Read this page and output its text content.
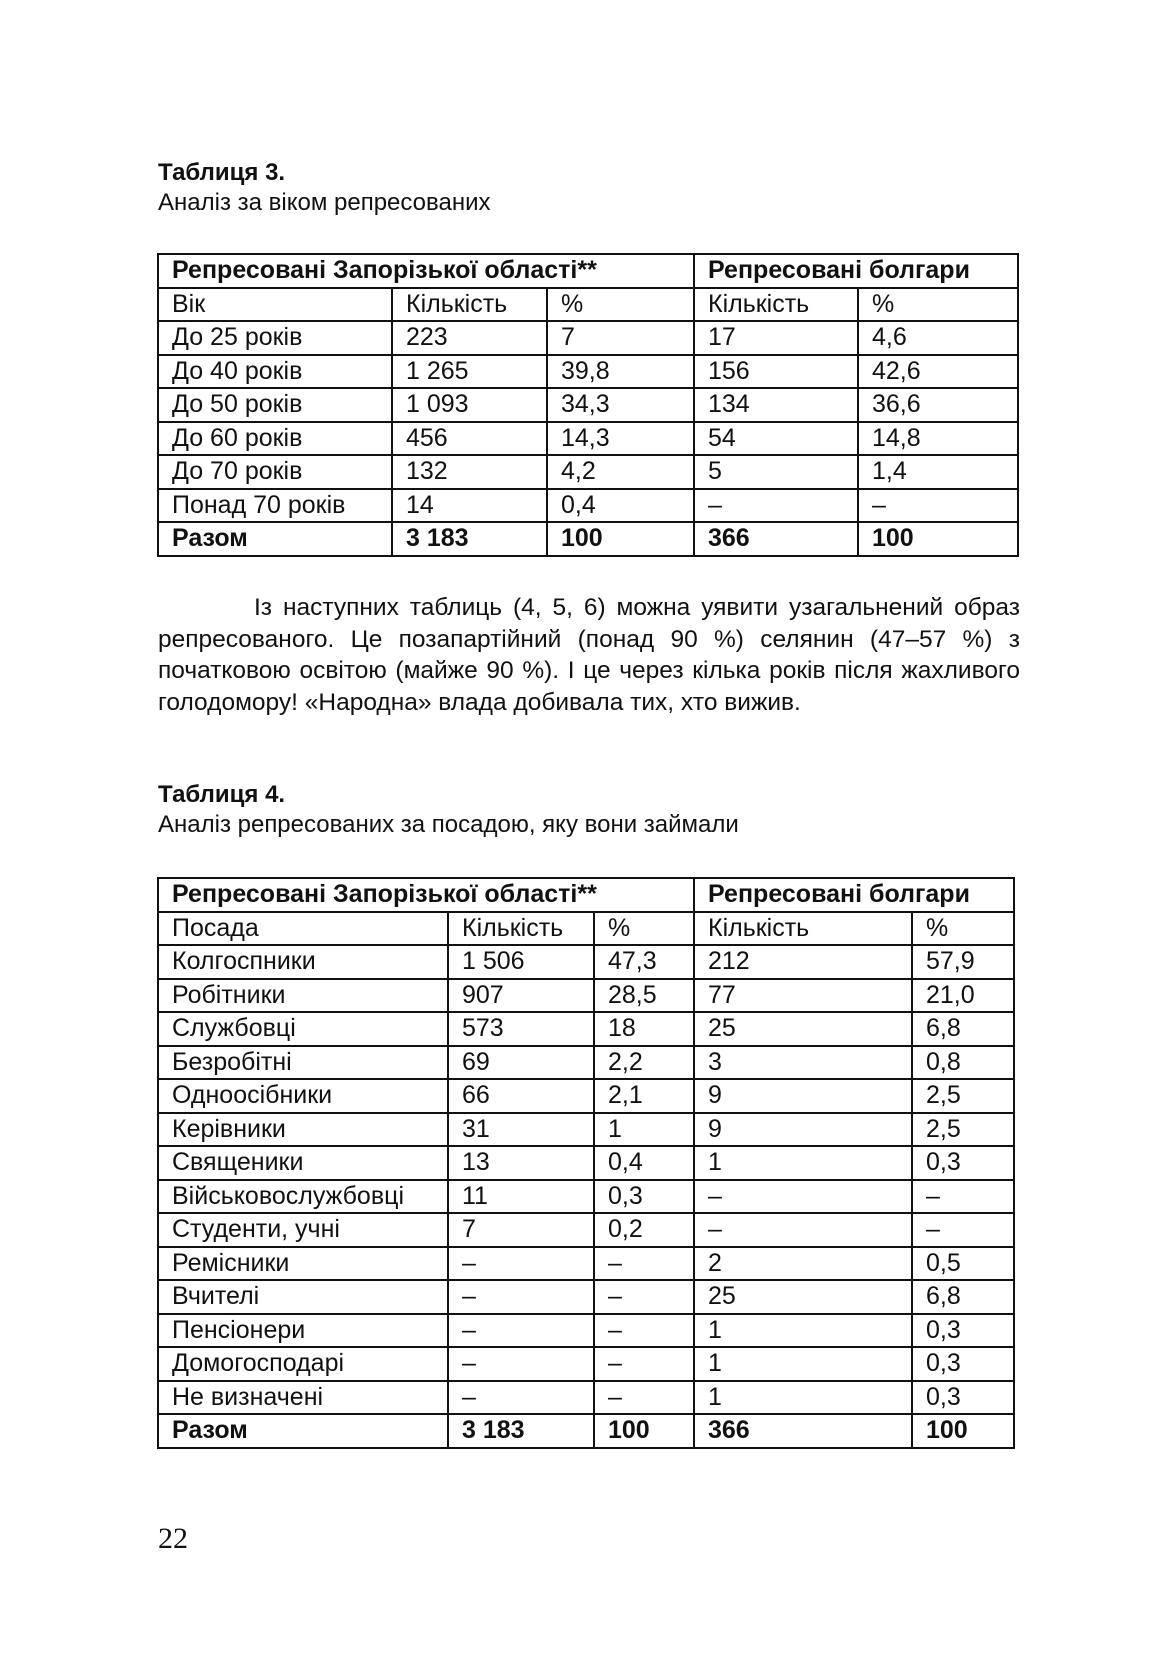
Таблиця 3.
Аналіз за віком репресованих
Репресовані Запорізької області**			Репресовані болгари	
Вік	Кількість	%	Кількість	%
До 25 років	223	7	17	4,6
До 40 років	1 265	39,8	156	42,6
До 50 років	1 093	34,3	134	36,6
До 60 років	456	14,3	54	14,8
До 70 років	132	4,2	5	1,4
Понад 70 років	14	0,4	–	–
Разом	3 183	100	366	100
Із наступних таблиць (4, 5, 6) можна уявити узагальнений образ репресованого. Це позапартійний (понад 90 %) селянин (47–57 %) з початковою освітою (майже 90 %). І це через кілька років після жахливого голодомору! «Народна» влада добивала тих, хто вижив.
Таблиця 4.
Аналіз репресованих за посадою, яку вони займали
Репресовані Запорізької області**			Репресовані болгари	
Посада	Кількість	%	Кількість	%
Колгоспники	1 506	47,3	212	57,9
Робітники	907	28,5	77	21,0
Службовці	573	18	25	6,8
Безробітні	69	2,2	3	0,8
Одноосібники	66	2,1	9	2,5
Керівники	31	1	9	2,5
Священики	13	0,4	1	0,3
Військовослужбовці	11	0,3	–	–
Студенти, учні	7	0,2	–	–
Ремісники	–	–	2	0,5
Вчителі	–	–	25	6,8
Пенсіонери	–	–	1	0,3
Домогосподарі	–	–	1	0,3
Не визначені	–	–	1	0,3
Разом	3 183	100	366	100
22
